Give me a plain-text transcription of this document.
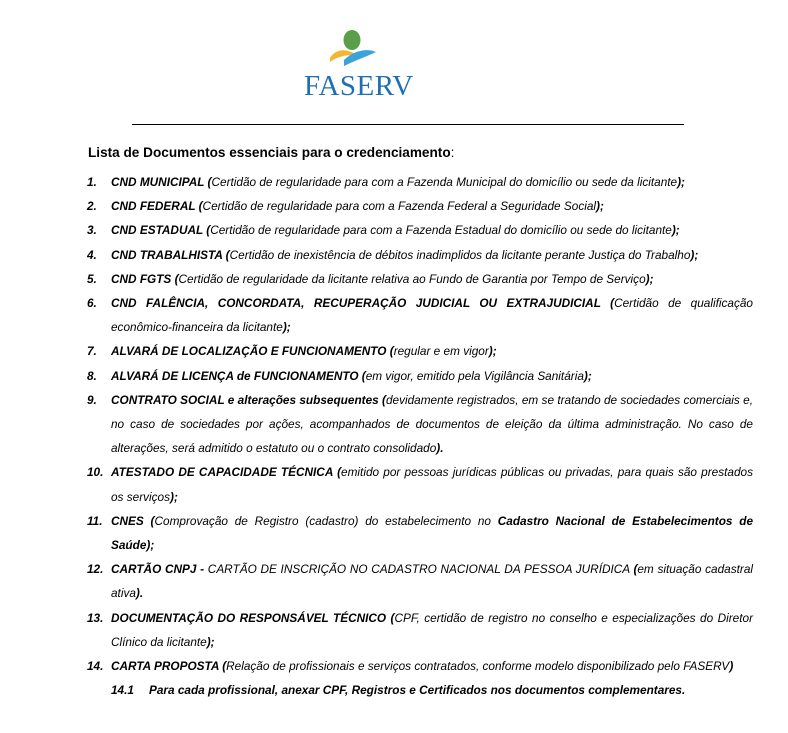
FASERV
Lista de Documentos essenciais para o credenciamento:
1. CND MUNICIPAL (Certidão de regularidade para com a Fazenda Municipal do domicílio ou sede da licitante);
2. CND FEDERAL (Certidão de regularidade para com a Fazenda Federal a Seguridade Social);
3. CND ESTADUAL (Certidão de regularidade para com a Fazenda Estadual do domicílio ou sede do licitante);
4. CND TRABALHISTA (Certidão de inexistência de débitos inadimplidos da licitante perante Justiça do Trabalho);
5. CND FGTS (Certidão de regularidade da licitante relativa ao Fundo de Garantia por Tempo de Serviço);
6. CND FALÊNCIA, CONCORDATA, RECUPERAÇÃO JUDICIAL OU EXTRAJUDICIAL (Certidão de qualificação econômico-financeira da licitante);
7. ALVARÁ DE LOCALIZAÇÃO E FUNCIONAMENTO (regular e em vigor);
8. ALVARÁ DE LICENÇA de FUNCIONAMENTO (em vigor, emitido pela Vigilância Sanitária);
9. CONTRATO SOCIAL e alterações subsequentes (devidamente registrados, em se tratando de sociedades comerciais e, no caso de sociedades por ações, acompanhados de documentos de eleição da última administração. No caso de alterações, será admitido o estatuto ou o contrato consolidado).
10. ATESTADO DE CAPACIDADE TÉCNICA (emitido por pessoas jurídicas públicas ou privadas, para quais são prestados os serviços);
11. CNES (Comprovação de Registro (cadastro) do estabelecimento no Cadastro Nacional de Estabelecimentos de Saúde);
12. CARTÃO CNPJ - CARTÃO DE INSCRIÇÃO NO CADASTRO NACIONAL DA PESSOA JURÍDICA (em situação cadastral ativa).
13. DOCUMENTAÇÃO DO RESPONSÁVEL TÉCNICO (CPF, certidão de registro no conselho e especializações do Diretor Clínico da licitante);
14. CARTA PROPOSTA (Relação de profissionais e serviços contratados, conforme modelo disponibilizado pelo FASERV)
14.1 Para cada profissional, anexar CPF, Registros e Certificados nos documentos complementares.
